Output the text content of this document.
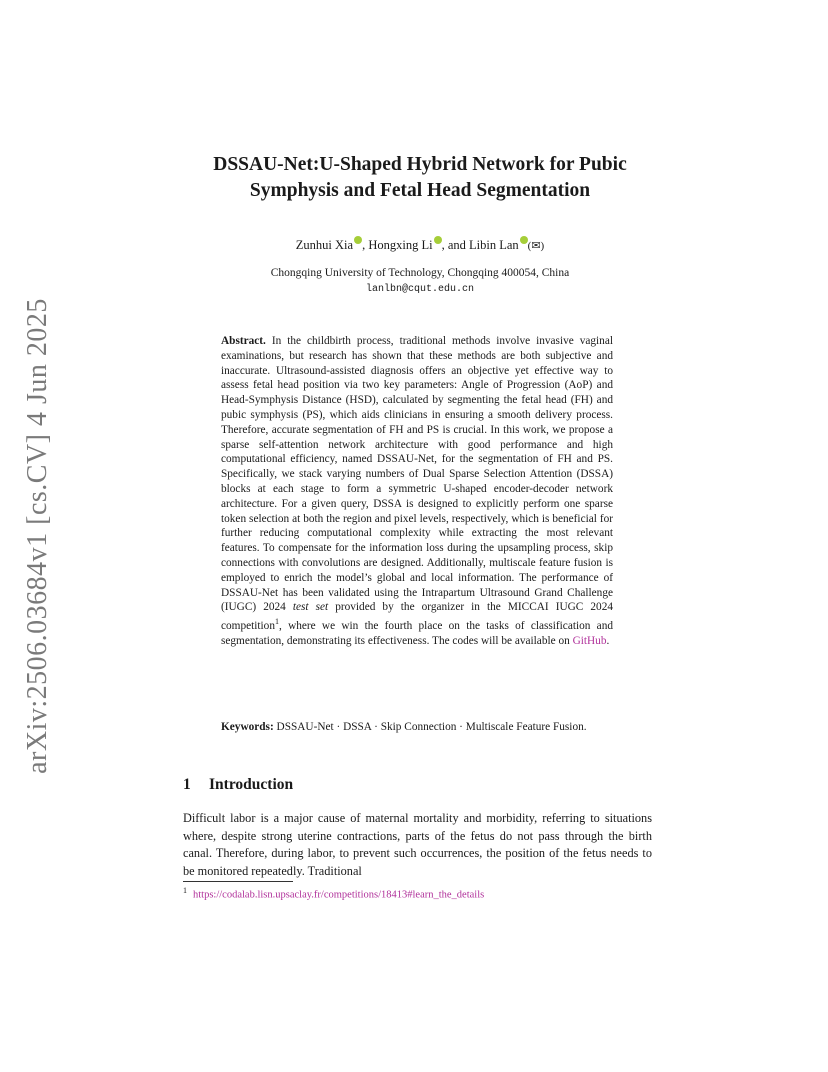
arXiv:2506.03684v1 [cs.CV] 4 Jun 2025
DSSAU-Net:U-Shaped Hybrid Network for Pubic
Symphysis and Fetal Head Segmentation
Zunhui Xia , Hongxing Li , and Libin Lan (✉)
Chongqing University of Technology, Chongqing 400054, China
lanlbn@cqut.edu.cn
Abstract. In the childbirth process, traditional methods involve invasive vaginal examinations, but research has shown that these methods are both subjective and inaccurate. Ultrasound-assisted diagnosis offers an objective yet effective way to assess fetal head position via two key parameters: Angle of Progression (AoP) and Head-Symphysis Distance (HSD), calculated by segmenting the fetal head (FH) and pubic symphysis (PS), which aids clinicians in ensuring a smooth delivery process. Therefore, accurate segmentation of FH and PS is crucial. In this work, we propose a sparse self-attention network architecture with good performance and high computational efficiency, named DSSAU-Net, for the segmentation of FH and PS. Specifically, we stack varying numbers of Dual Sparse Selection Attention (DSSA) blocks at each stage to form a symmetric U-shaped encoder-decoder network architecture. For a given query, DSSA is designed to explicitly perform one sparse token selection at both the region and pixel levels, respectively, which is beneficial for further reducing computational complexity while extracting the most relevant features. To compensate for the information loss during the upsampling process, skip connections with convolutions are designed. Additionally, multiscale feature fusion is employed to enrich the model’s global and local information. The performance of DSSAU-Net has been validated using the Intrapartum Ultrasound Grand Challenge (IUGC) 2024 test set provided by the organizer in the MICCAI IUGC 2024 competition$^1$, where we win the fourth place on the tasks of classification and segmentation, demonstrating its effectiveness. The codes will be available on GitHub.
Keywords: DSSAU-Net · DSSA · Skip Connection · Multiscale Feature Fusion.
1 Introduction
Difficult labor is a major cause of maternal mortality and morbidity, referring to situations where, despite strong uterine contractions, parts of the fetus do not pass through the birth canal. Therefore, during labor, to prevent such occurrences, the position of the fetus needs to be monitored repeatedly. Traditional
$^1$ https://codalab.lisn.upsaclay.fr/competitions/18413#learn_the_details
